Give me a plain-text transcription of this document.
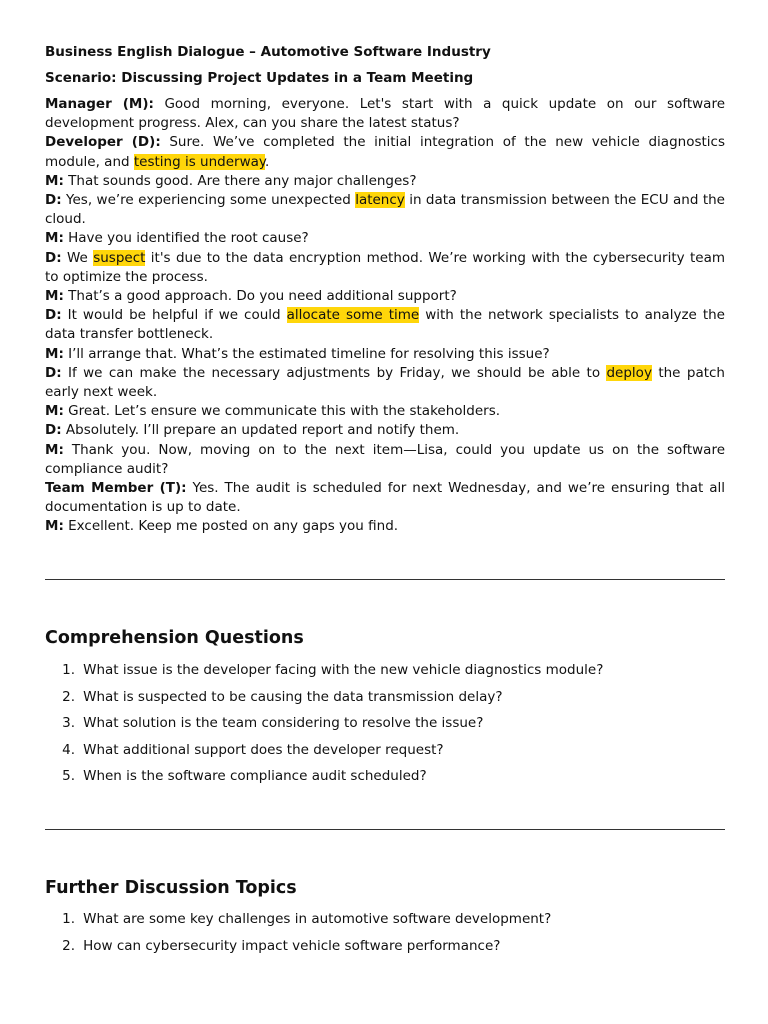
Business English Dialogue – Automotive Software Industry

Scenario: Discussing Project Updates in a Team Meeting

Manager (M): Good morning, everyone. Let's start with a quick update on our software development progress. Alex, can you share the latest status?

Developer (D): Sure. We’ve completed the initial integration of the new vehicle diagnostics module, and testing is underway.

M: That sounds good. Are there any major challenges?

D: Yes, we’re experiencing some unexpected latency in data transmission between the ECU and the cloud.

M: Have you identified the root cause?

D: We suspect it's due to the data encryption method. We’re working with the cybersecurity team to optimize the process.

M: That’s a good approach. Do you need additional support?

D: It would be helpful if we could allocate some time with the network specialists to analyze the data transfer bottleneck.

M: I’ll arrange that. What’s the estimated timeline for resolving this issue?

D: If we can make the necessary adjustments by Friday, we should be able to deploy the patch early next week.

M: Great. Let’s ensure we communicate this with the stakeholders.

D: Absolutely. I’ll prepare an updated report and notify them.

M: Thank you. Now, moving on to the next item—Lisa, could you update us on the software compliance audit?

Team Member (T): Yes. The audit is scheduled for next Wednesday, and we’re ensuring that all documentation is up to date.

M: Excellent. Keep me posted on any gaps you find.

Comprehension Questions
1. What issue is the developer facing with the new vehicle diagnostics module?
2. What is suspected to be causing the data transmission delay?
3. What solution is the team considering to resolve the issue?
4. What additional support does the developer request?
5. When is the software compliance audit scheduled?
Further Discussion Topics
1. What are some key challenges in automotive software development?
2. How can cybersecurity impact vehicle software performance?
